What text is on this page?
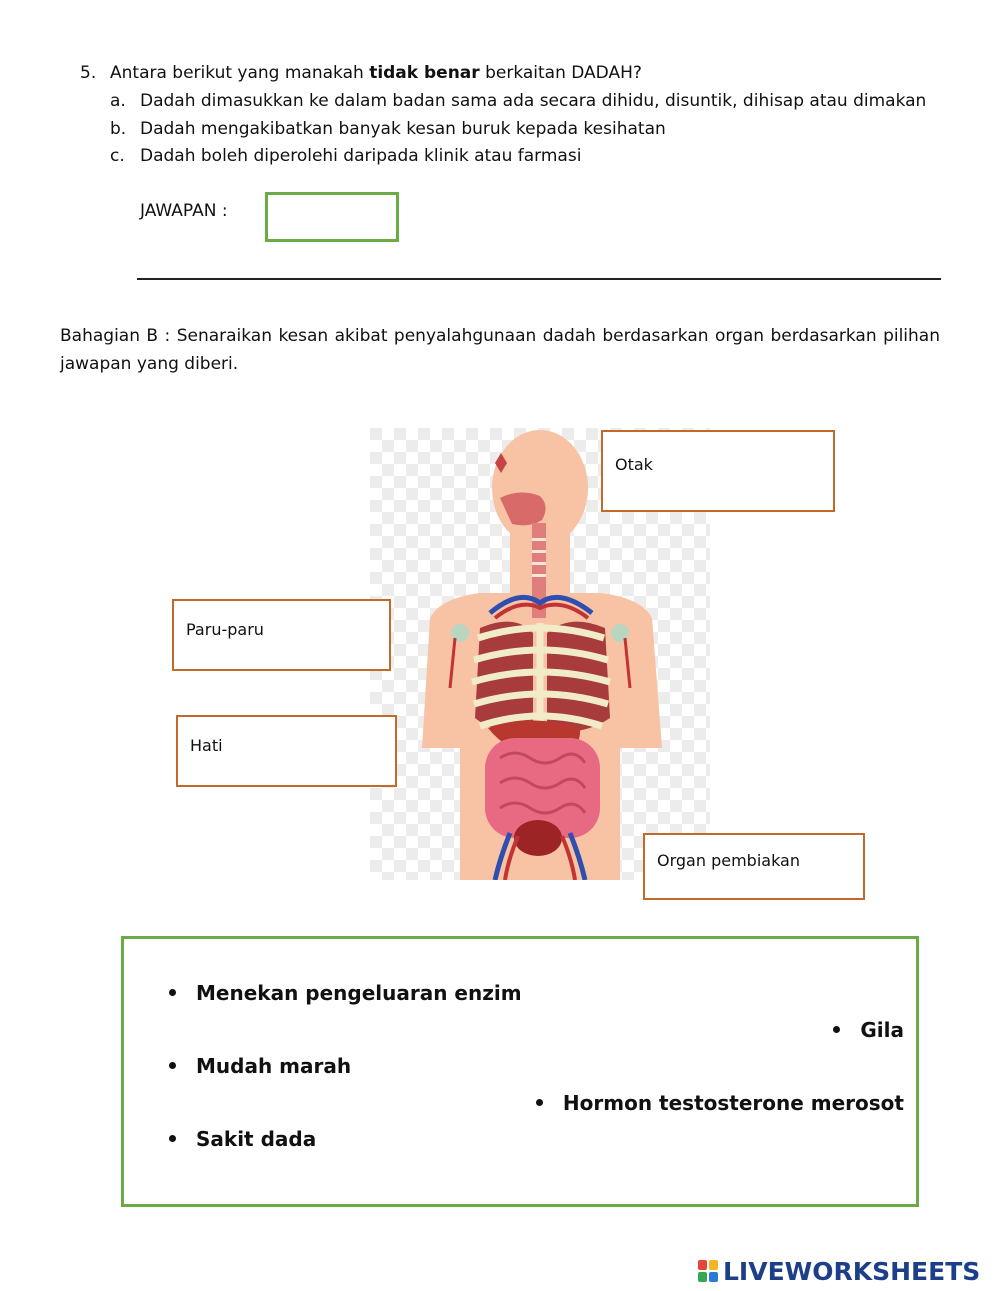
5. Antara berikut yang manakah tidak benar berkaitan DADAH?
a. Dadah dimasukkan ke dalam badan sama ada secara dihidu, disuntik, dihisap atau dimakan
b. Dadah mengakibatkan banyak kesan buruk kepada kesihatan
c. Dadah boleh diperolehi daripada klinik atau farmasi
JAWAPAN :
Bahagian B : Senaraikan kesan akibat penyalahgunaan dadah berdasarkan organ berdasarkan pilihan jawapan yang diberi.
Otak
Paru-paru
Hati
Organ pembiakan
Menekan pengeluaran enzim
Gila
Mudah marah
Hormon testosterone merosot
Sakit dada
LIVEWORKSHEETS
